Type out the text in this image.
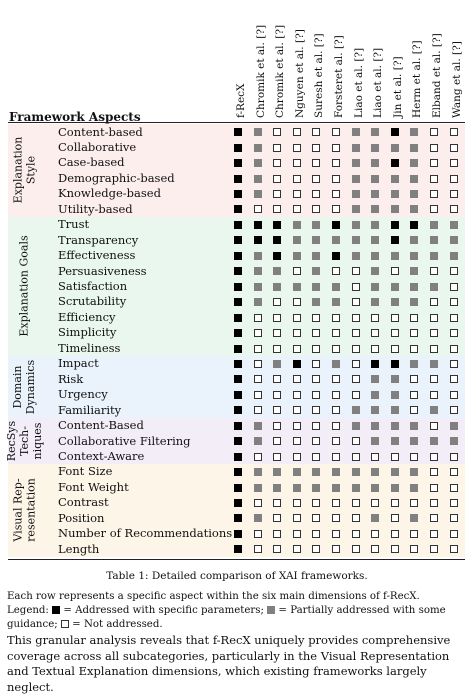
Framework Aspects	f-RecX Chromik et al. [?] Chromik et al. [?] Nguyen et al. [?] Suresh et al. [?] Forsteret al. [?] Liao et al. [?] Liao et al. [?] Jin et al. [?] Herm et al. [?] Elband et al. [?] Wang et al. [?]
Explanation
Style
Content-based
Collaborative
Case-based
Demographic-based
Knowledge-based
Utility-based
Explanation Goals
Trust
Transparency
Effectiveness
Persuasiveness
Satisfaction
Scrutability
Efficiency
Simplicity
Timeliness
Domain
Dynamics	Impact
Risk
Urgency
Familiarity
RecSys
Tech-
niques Content-Based
Collaborative Filtering
Context-Aware
Visual Rep-
resentation
Font Size
Font Weight
Contrast
Position
Number of Recommendations
Length
Table 1: Detailed comparison of XAI frameworks.
Each row represents a specific aspect within the six main dimensions of f-RecX.
Legend:  = Addressed with specific parameters; = Partially addressed with some guidance; = Not addressed.
This granular analysis reveals that f-RecX uniquely provides comprehensive coverage across all subcategories, particularly in the Visual Representation and Textual Explanation dimensions, which existing frameworks largely neglect.
